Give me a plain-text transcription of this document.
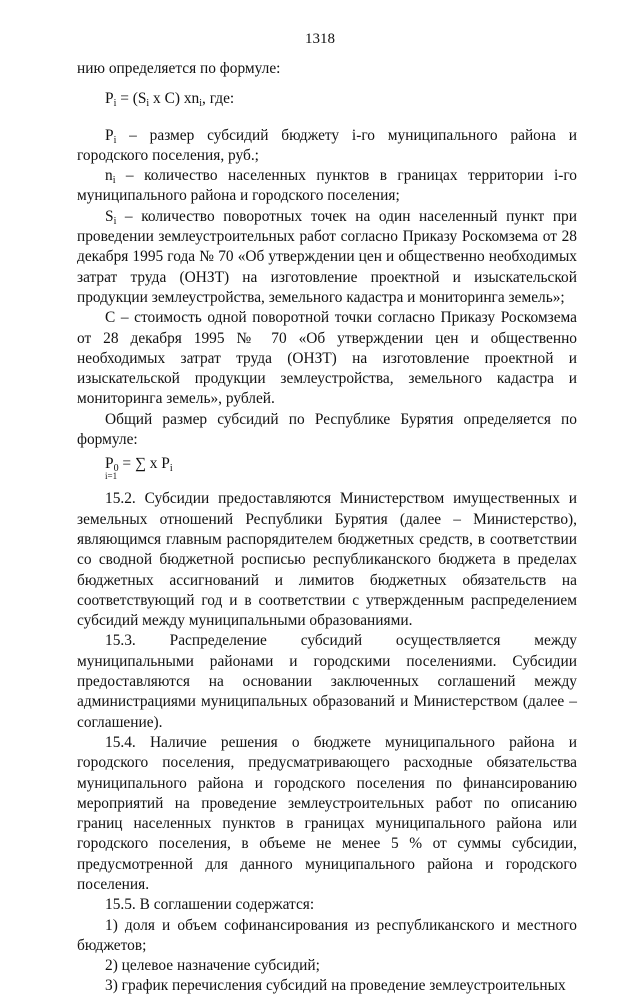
1318

нию определяется по формуле:

$P_i = (S_i$ x C) $xn_i$, где:

$P_i$ – размер субсидий бюджету i-го муниципального района и городского поселения, руб.;

$n_i$ – количество населенных пунктов в границах территории i-го муниципального района и городского поселения;

$S_i$ – количество поворотных точек на один населенный пункт при проведении землеустроительных работ согласно Приказу Роскомзема от 28 декабря 1995 года № 70 «Об утверждении цен и общественно необходимых затрат труда (ОНЗТ) на изготовление проектной и изыскательской продукции землеустройства, земельного кадастра и мониторинга земель»;

С – стоимость одной поворотной точки согласно Приказу Роскомзема от 28 декабря 1995 № 70 «Об утверждении цен и общественно необходимых затрат труда (ОНЗТ) на изготовление проектной и изыскательской продукции землеустройства, земельного кадастра и мониторинга земель», рублей.

Общий размер субсидий по Республике Бурятия определяется по формуле:

$P_0$ = ∑ x $P_i$
i=1

15.2. Субсидии предоставляются Министерством имущественных и земельных отношений Республики Бурятия (далее – Министерство), являющимся главным распорядителем бюджетных средств, в соответствии со сводной бюджетной росписью республиканского бюджета в пределах бюджетных ассигнований и лимитов бюджетных обязательств на соответствующий год и в соответствии с утвержденным распределением субсидий между муниципальными образованиями.

15.3. Распределение субсидий осуществляется между муниципальными районами и городскими поселениями. Субсидии предоставляются на основании заключенных соглашений между администрациями муниципальных образований и Министерством (далее – соглашение).

15.4. Наличие решения о бюджете муниципального района и городского поселения, предусматривающего расходные обязательства муниципального района и городского поселения по финансированию мероприятий на проведение землеустроительных работ по описанию границ населенных пунктов в границах муниципального района или городского поселения, в объеме не менее 5 % от суммы субсидии, предусмотренной для данного муниципального района и городского поселения.

15.5. В соглашении содержатся:

1) доля и объем софинансирования из республиканского и местного бюджетов;

2) целевое назначение субсидий;

3) график перечисления субсидий на проведение землеустроительных
